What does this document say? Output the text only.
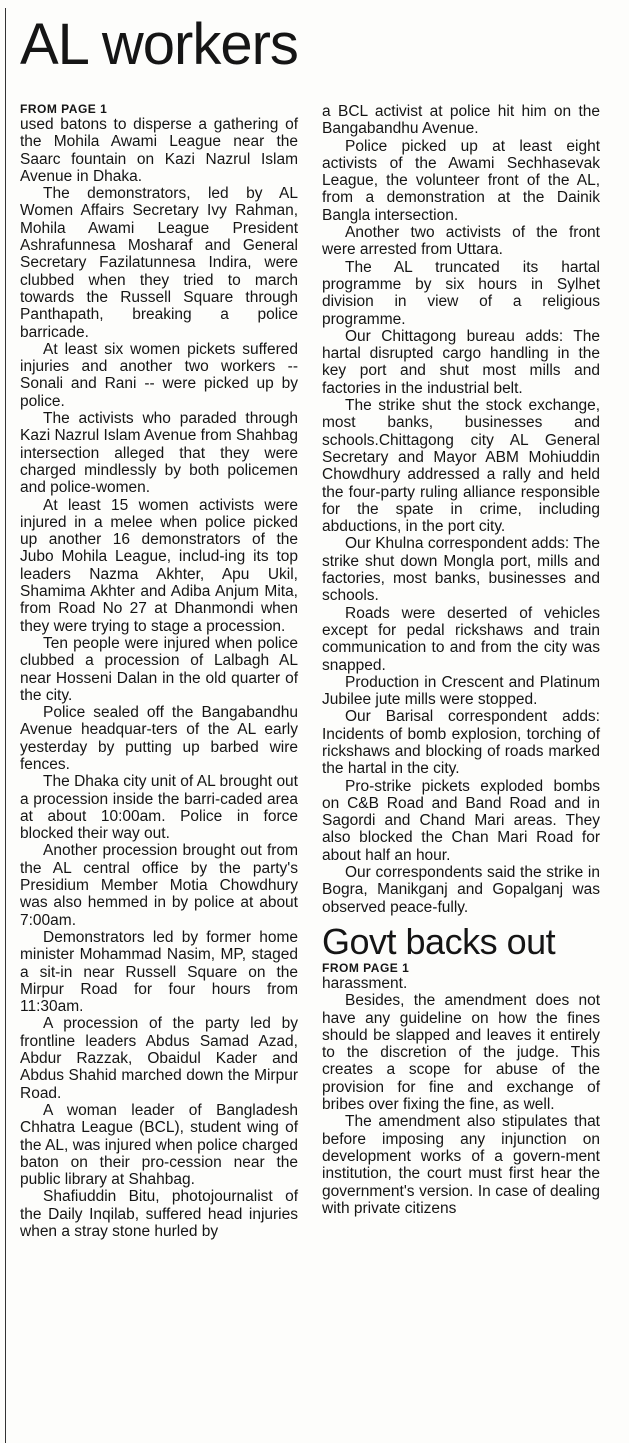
AL workers
FROM PAGE 1

used batons to disperse a gathering of the Mohila Awami League near the Saarc fountain on Kazi Nazrul Islam Avenue in Dhaka.

The demonstrators, led by AL Women Affairs Secretary Ivy Rahman, Mohila Awami League President Ashrafunnesa Mosharaf and General Secretary Fazilatunnesa Indira, were clubbed when they tried to march towards the Russell Square through Panthapath, breaking a police barricade.

At least six women pickets suffered injuries and another two workers -- Sonali and Rani -- were picked up by police.

The activists who paraded through Kazi Nazrul Islam Avenue from Shahbag intersection alleged that they were charged mindlessly by both policemen and police-women.

At least 15 women activists were injured in a melee when police picked up another 16 demonstrators of the Jubo Mohila League, includ-ing its top leaders Nazma Akhter, Apu Ukil, Shamima Akhter and Adiba Anjum Mita, from Road No 27 at Dhanmondi when they were trying to stage a procession.

Ten people were injured when police clubbed a procession of Lalbagh AL near Hosseni Dalan in the old quarter of the city.

Police sealed off the Bangabandhu Avenue headquar-ters of the AL early yesterday by putting up barbed wire fences.

The Dhaka city unit of AL brought out a procession inside the barri-caded area at about 10:00am. Police in force blocked their way out.

Another procession brought out from the AL central office by the party's Presidium Member Motia Chowdhury was also hemmed in by police at about 7:00am.

Demonstrators led by former home minister Mohammad Nasim, MP, staged a sit-in near Russell Square on the Mirpur Road for four hours from 11:30am.

A procession of the party led by frontline leaders Abdus Samad Azad, Abdur Razzak, Obaidul Kader and Abdus Shahid marched down the Mirpur Road.

A woman leader of Bangladesh Chhatra League (BCL), student wing of the AL, was injured when police charged baton on their pro-cession near the public library at Shahbag.

Shafiuddin Bitu, photojournalist of the Daily Inqilab, suffered head injuries when a stray stone hurled by

a BCL activist at police hit him on the Bangabandhu Avenue.

Police picked up at least eight activists of the Awami Sechhasevak League, the volunteer front of the AL, from a demonstration at the Dainik Bangla intersection.

Another two activists of the front were arrested from Uttara.

The AL truncated its hartal programme by six hours in Sylhet division in view of a religious programme.

Our Chittagong bureau adds: The hartal disrupted cargo handling in the key port and shut most mills and factories in the industrial belt.

The strike shut the stock exchange, most banks, businesses and schools.Chittagong city AL General Secretary and Mayor ABM Mohiuddin Chowdhury addressed a rally and held the four-party ruling alliance responsible for the spate in crime, including abductions, in the port city.

Our Khulna correspondent adds: The strike shut down Mongla port, mills and factories, most banks, businesses and schools.

Roads were deserted of vehicles except for pedal rickshaws and train communication to and from the city was snapped.

Production in Crescent and Platinum Jubilee jute mills were stopped.

Our Barisal correspondent adds: Incidents of bomb explosion, torching of rickshaws and blocking of roads marked the hartal in the city.

Pro-strike pickets exploded bombs on C&B Road and Band Road and in Sagordi and Chand Mari areas. They also blocked the Chan Mari Road for about half an hour.

Our correspondents said the strike in Bogra, Manikganj and Gopalganj was observed peace-fully.

Govt backs out
FROM PAGE 1

harassment.

Besides, the amendment does not have any guideline on how the fines should be slapped and leaves it entirely to the discretion of the judge. This creates a scope for abuse of the provision for fine and exchange of bribes over fixing the fine, as well.

The amendment also stipulates that before imposing any injunction on development works of a govern-ment institution, the court must first hear the government's version. In case of dealing with private citizens
